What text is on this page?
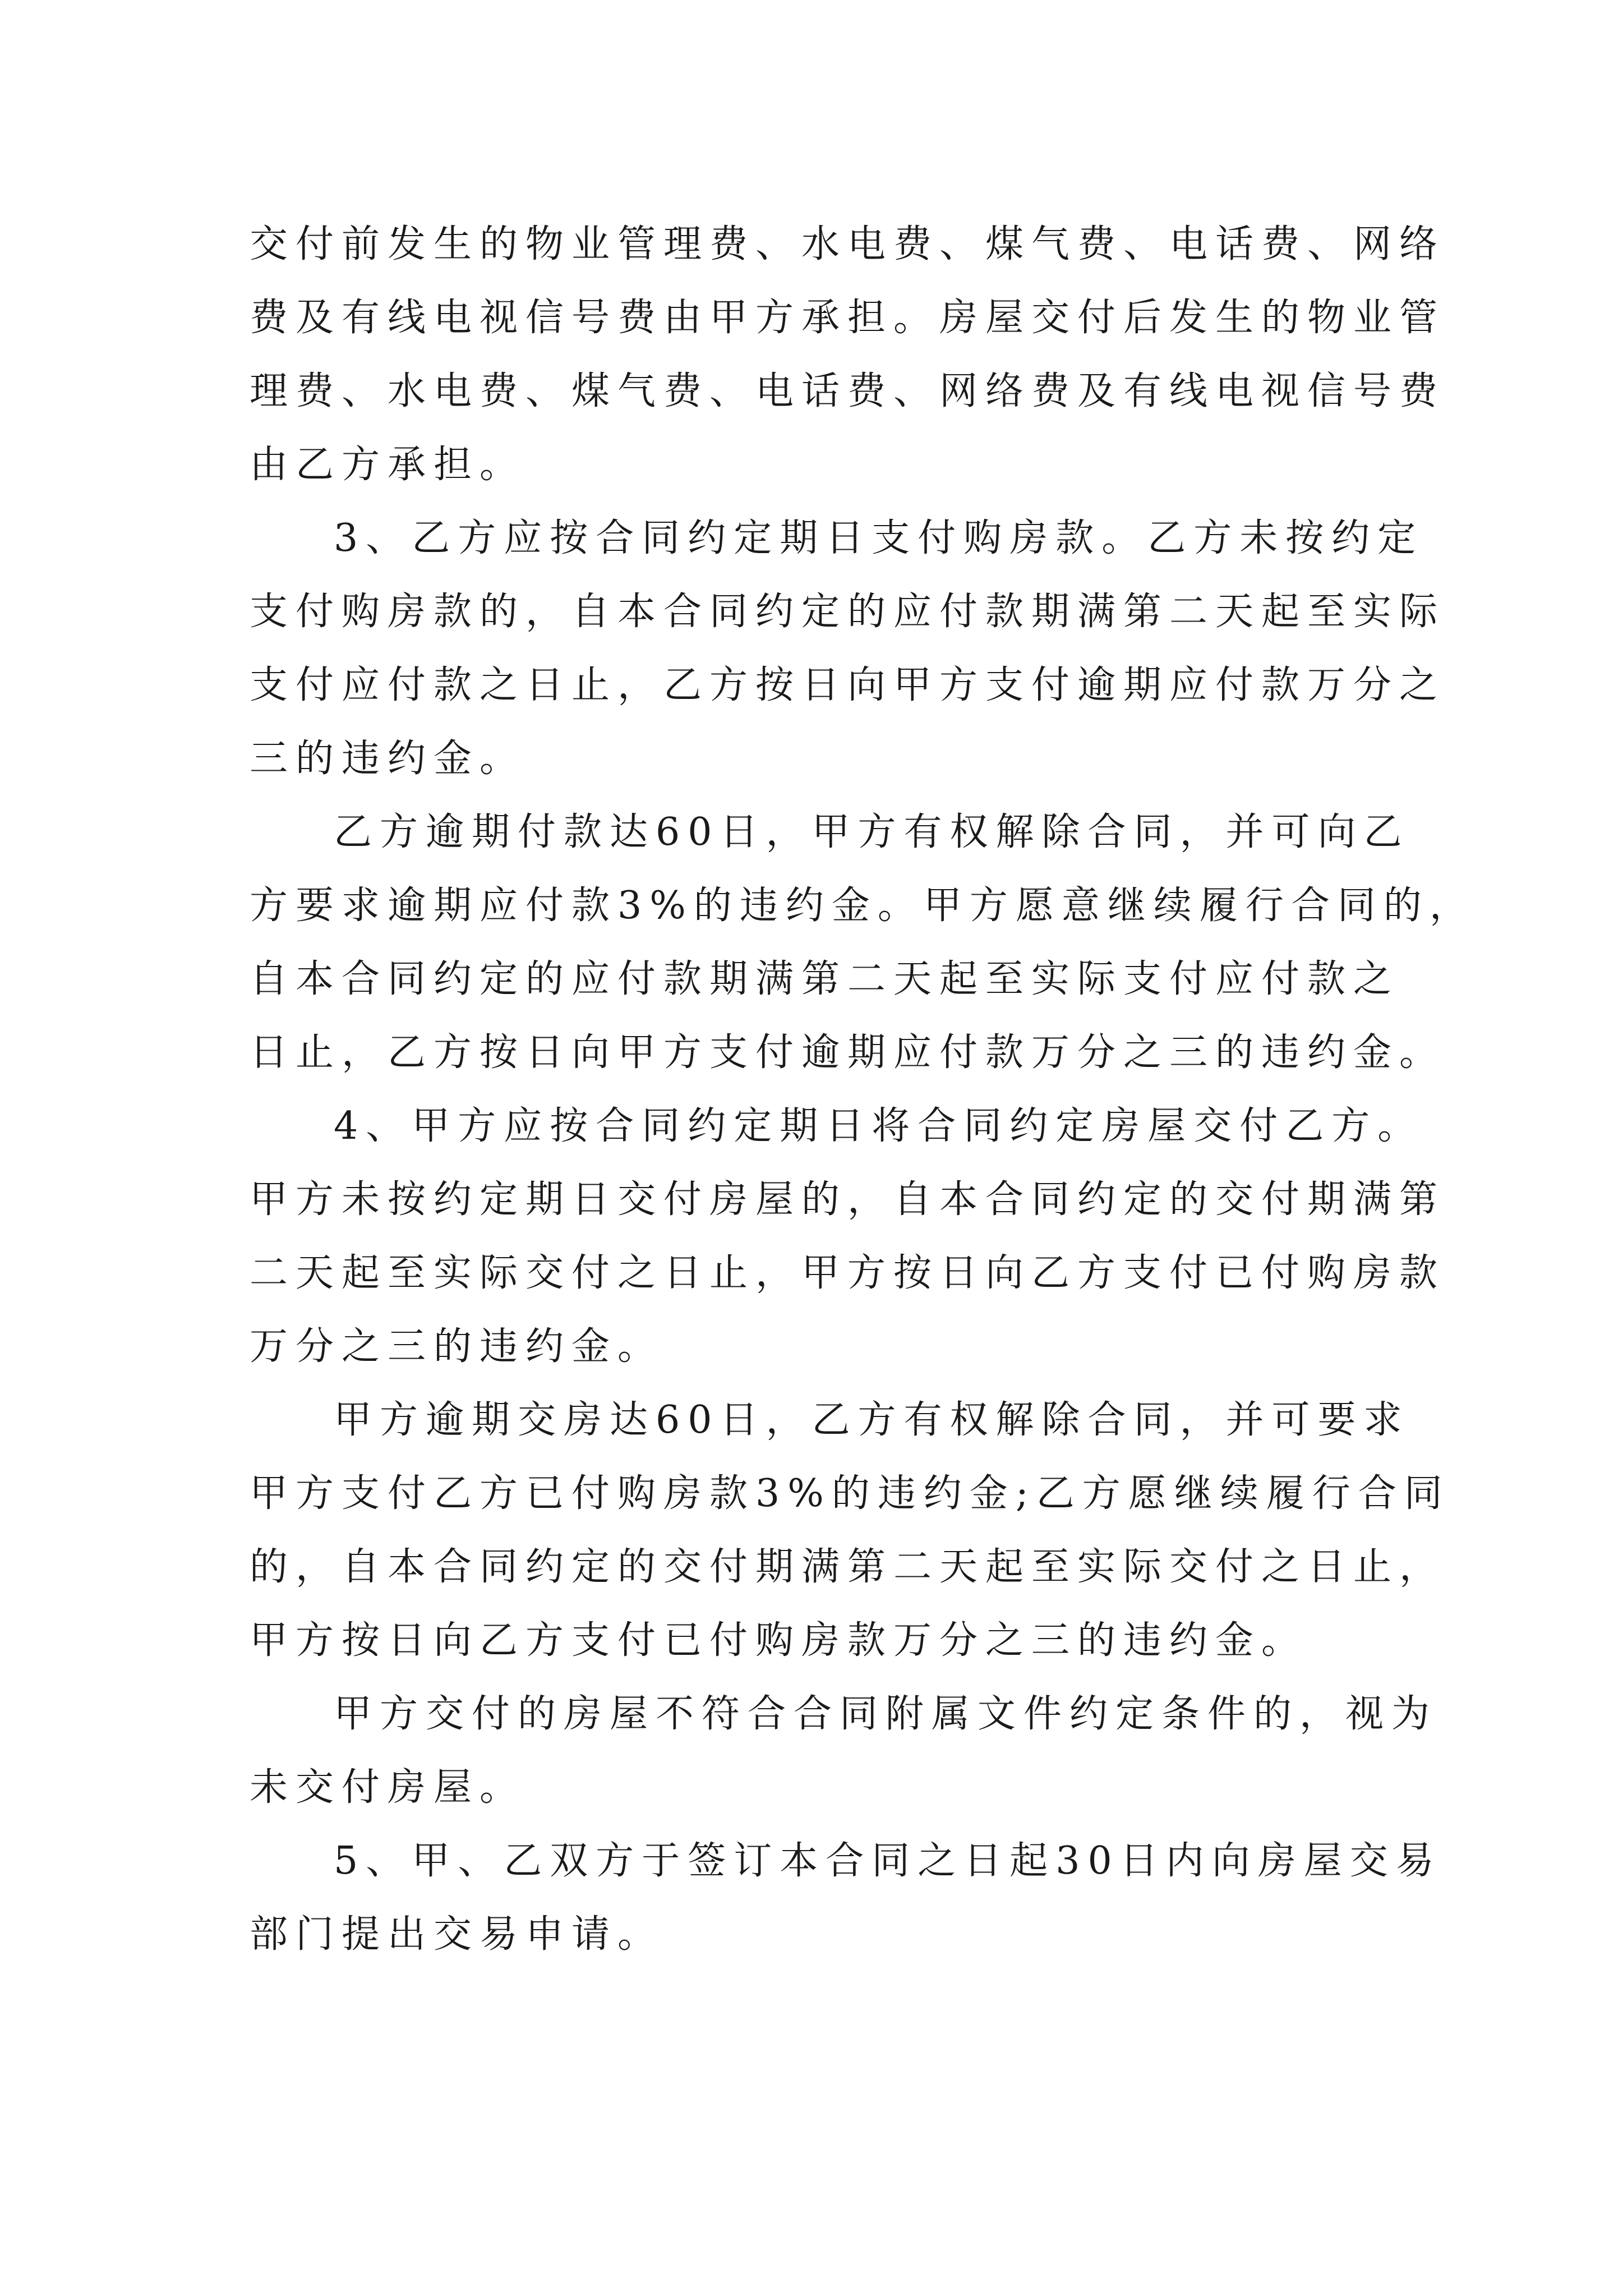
交付前发生的物业管理费、水电费、煤气费、电话费、网络
费及有线电视信号费由甲方承担。房屋交付后发生的物业管
理费、水电费、煤气费、电话费、网络费及有线电视信号费
由乙方承担。
3、乙方应按合同约定期日支付购房款。乙方未按约定
支付购房款的，自本合同约定的应付款期满第二天起至实际
支付应付款之日止，乙方按日向甲方支付逾期应付款万分之
三的违约金。
乙方逾期付款达60日，甲方有权解除合同，并可向乙
方要求逾期应付款3%的违约金。甲方愿意继续履行合同的，
自本合同约定的应付款期满第二天起至实际支付应付款之
日止，乙方按日向甲方支付逾期应付款万分之三的违约金。
4、甲方应按合同约定期日将合同约定房屋交付乙方。
甲方未按约定期日交付房屋的，自本合同约定的交付期满第
二天起至实际交付之日止，甲方按日向乙方支付已付购房款
万分之三的违约金。
甲方逾期交房达60日，乙方有权解除合同，并可要求
甲方支付乙方已付购房款3%的违约金;乙方愿继续履行合同
的，自本合同约定的交付期满第二天起至实际交付之日止，
甲方按日向乙方支付已付购房款万分之三的违约金。
甲方交付的房屋不符合合同附属文件约定条件的，视为
未交付房屋。
5、甲、乙双方于签订本合同之日起30日内向房屋交易
部门提出交易申请。
